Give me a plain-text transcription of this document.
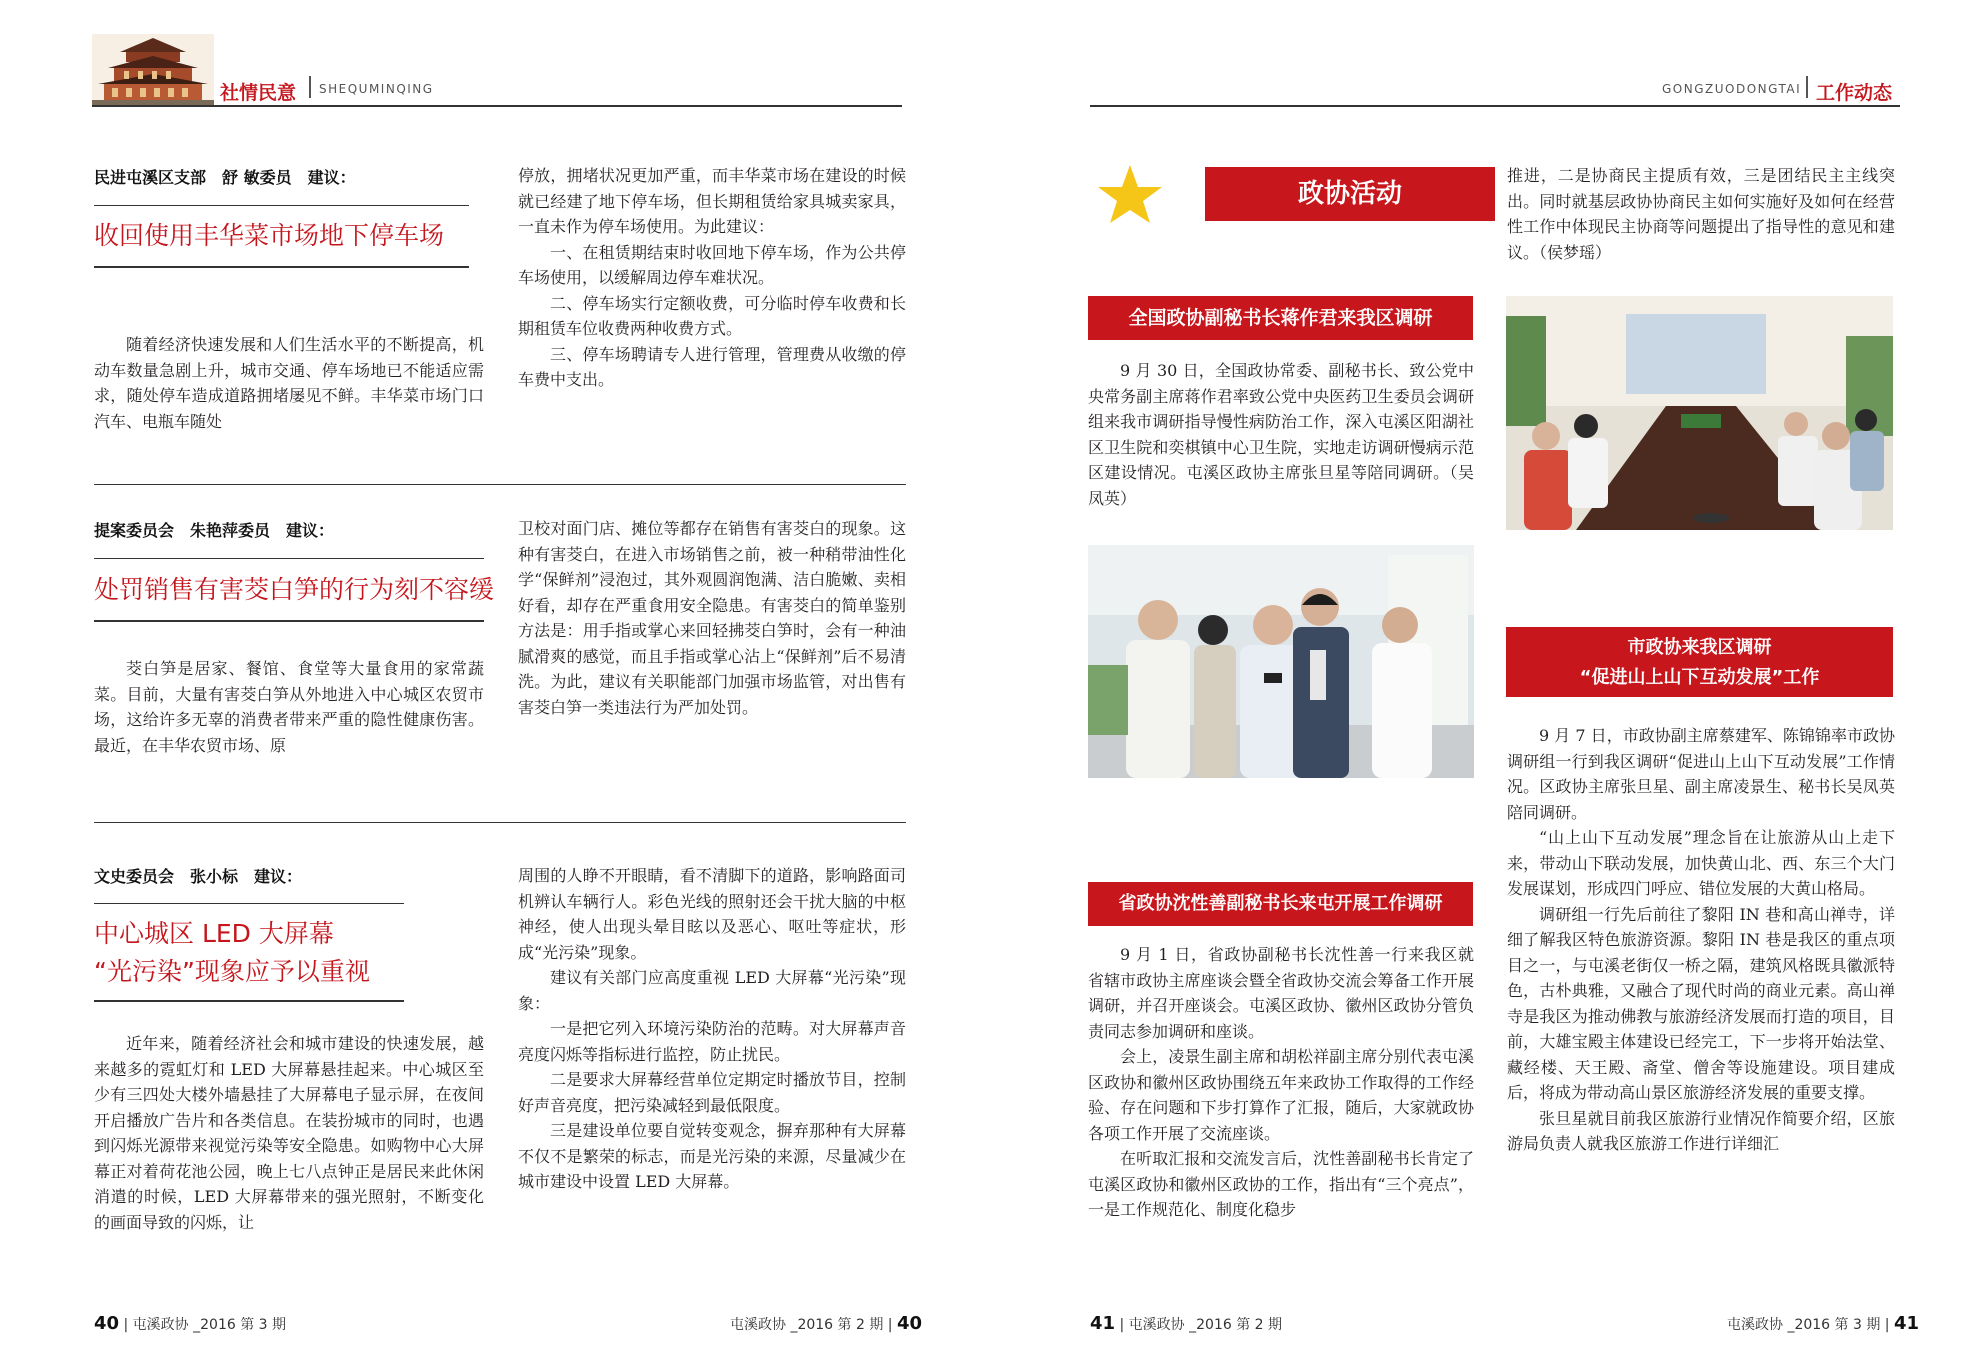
社情民意 SHEQUMINQING	GONGZUODONGTAI 工作动态
民进屯溪区支部　舒 敏委员　建议：
收回使用丰华菜市场地下停车场

随着经济快速发展和人们生活水平的不断提高，机动车数量急剧上升，城市交通、停车场地已不能适应需求，随处停车造成道路拥堵屡见不鲜。丰华菜市场门口汽车、电瓶车随处

停放，拥堵状况更加严重，而丰华菜市场在建设的时候就已经建了地下停车场，但长期租赁给家具城卖家具，一直未作为停车场使用。为此建议：

一、在租赁期结束时收回地下停车场，作为公共停车场使用，以缓解周边停车难状况。

二、停车场实行定额收费，可分临时停车收费和长期租赁车位收费两种收费方式。

三、停车场聘请专人进行管理，管理费从收缴的停车费中支出。

提案委员会　朱艳萍委员　建议：
处罚销售有害茭白笋的行为刻不容缓

茭白笋是居家、餐馆、食堂等大量食用的家常蔬菜。目前，大量有害茭白笋从外地进入中心城区农贸市场，这给许多无辜的消费者带来严重的隐性健康伤害。最近，在丰华农贸市场、原

卫校对面门店、摊位等都存在销售有害茭白的现象。这种有害茭白，在进入市场销售之前，被一种稍带油性化学“保鲜剂”浸泡过，其外观圆润饱满、洁白脆嫩、卖相好看，却存在严重食用安全隐患。有害茭白的简单鉴别方法是：用手指或掌心来回轻拂茭白笋时，会有一种油腻滑爽的感觉，而且手指或掌心沾上“保鲜剂”后不易清洗。为此，建议有关职能部门加强市场监管，对出售有害茭白笋一类违法行为严加处罚。

文史委员会　张小标　建议：
中心城区 LED 大屏幕
“光污染”现象应予以重视

近年来，随着经济社会和城市建设的快速发展，越来越多的霓虹灯和 LED 大屏幕悬挂起来。中心城区至少有三四处大楼外墙悬挂了大屏幕电子显示屏，在夜间开启播放广告片和各类信息。在装扮城市的同时，也遇到闪烁光源带来视觉污染等安全隐患。如购物中心大屏幕正对着荷花池公园，晚上七八点钟正是居民来此休闲消遣的时候，LED 大屏幕带来的强光照射，不断变化的画面导致的闪烁，让

周围的人睁不开眼睛，看不清脚下的道路，影响路面司机辨认车辆行人。彩色光线的照射还会干扰大脑的中枢神经，使人出现头晕目眩以及恶心、呕吐等症状，形成“光污染”现象。

建议有关部门应高度重视 LED 大屏幕“光污染”现象：

一是把它列入环境污染防治的范畴。对大屏幕声音亮度闪烁等指标进行监控，防止扰民。

二是要求大屏幕经营单位定期定时播放节目，控制好声音亮度，把污染减轻到最低限度。

三是建设单位要自觉转变观念，摒弃那种有大屏幕不仅不是繁荣的标志，而是光污染的来源，尽量减少在城市建设中设置 LED 大屏幕。

40 | 屯溪政协 _2016 第 3 期	屯溪政协 _2016 第 2 期 | 40
政协活动
全国政协副秘书长蒋作君来我区调研

9 月 30 日，全国政协常委、副秘书长、致公党中央常务副主席蒋作君率致公党中央医药卫生委员会调研组来我市调研指导慢性病防治工作，深入屯溪区阳湖社区卫生院和奕棋镇中心卫生院，实地走访调研慢病示范区建设情况。屯溪区政协主席张旦星等陪同调研。（吴凤英）

省政协沈性善副秘书长来屯开展工作调研

9 月 1 日，省政协副秘书长沈性善一行来我区就省辖市政协主席座谈会暨全省政协交流会筹备工作开展调研，并召开座谈会。屯溪区政协、徽州区政协分管负责同志参加调研和座谈。

会上，凌景生副主席和胡松祥副主席分别代表屯溪区政协和徽州区政协围绕五年来政协工作取得的工作经验、存在问题和下步打算作了汇报，随后，大家就政协各项工作开展了交流座谈。

在听取汇报和交流发言后，沈性善副秘书长肯定了屯溪区政协和徽州区政协的工作，指出有“三个亮点”，一是工作规范化、制度化稳步

推进，二是协商民主提质有效，三是团结民主主线突出。同时就基层政协协商民主如何实施好及如何在经营性工作中体现民主协商等问题提出了指导性的意见和建议。（侯梦瑶）

市政协来我区调研
“促进山上山下互动发展”工作

9 月 7 日，市政协副主席蔡建军、陈锦锦率市政协调研组一行到我区调研“促进山上山下互动发展”工作情况。区政协主席张旦星、副主席凌景生、秘书长吴凤英陪同调研。

“山上山下互动发展”理念旨在让旅游从山上走下来，带动山下联动发展，加快黄山北、西、东三个大门发展谋划，形成四门呼应、错位发展的大黄山格局。

调研组一行先后前往了黎阳 IN 巷和高山禅寺，详细了解我区特色旅游资源。黎阳 IN 巷是我区的重点项目之一，与屯溪老街仅一桥之隔，建筑风格既具徽派特色，古朴典雅，又融合了现代时尚的商业元素。高山禅寺是我区为推动佛教与旅游经济发展而打造的项目，目前，大雄宝殿主体建设已经完工，下一步将开始法堂、藏经楼、天王殿、斋堂、僧舍等设施建设。项目建成后，将成为带动高山景区旅游经济发展的重要支撑。

张旦星就目前我区旅游行业情况作简要介绍，区旅游局负责人就我区旅游工作进行详细汇

41 | 屯溪政协 _2016 第 2 期	屯溪政协 _2016 第 3 期 | 41
